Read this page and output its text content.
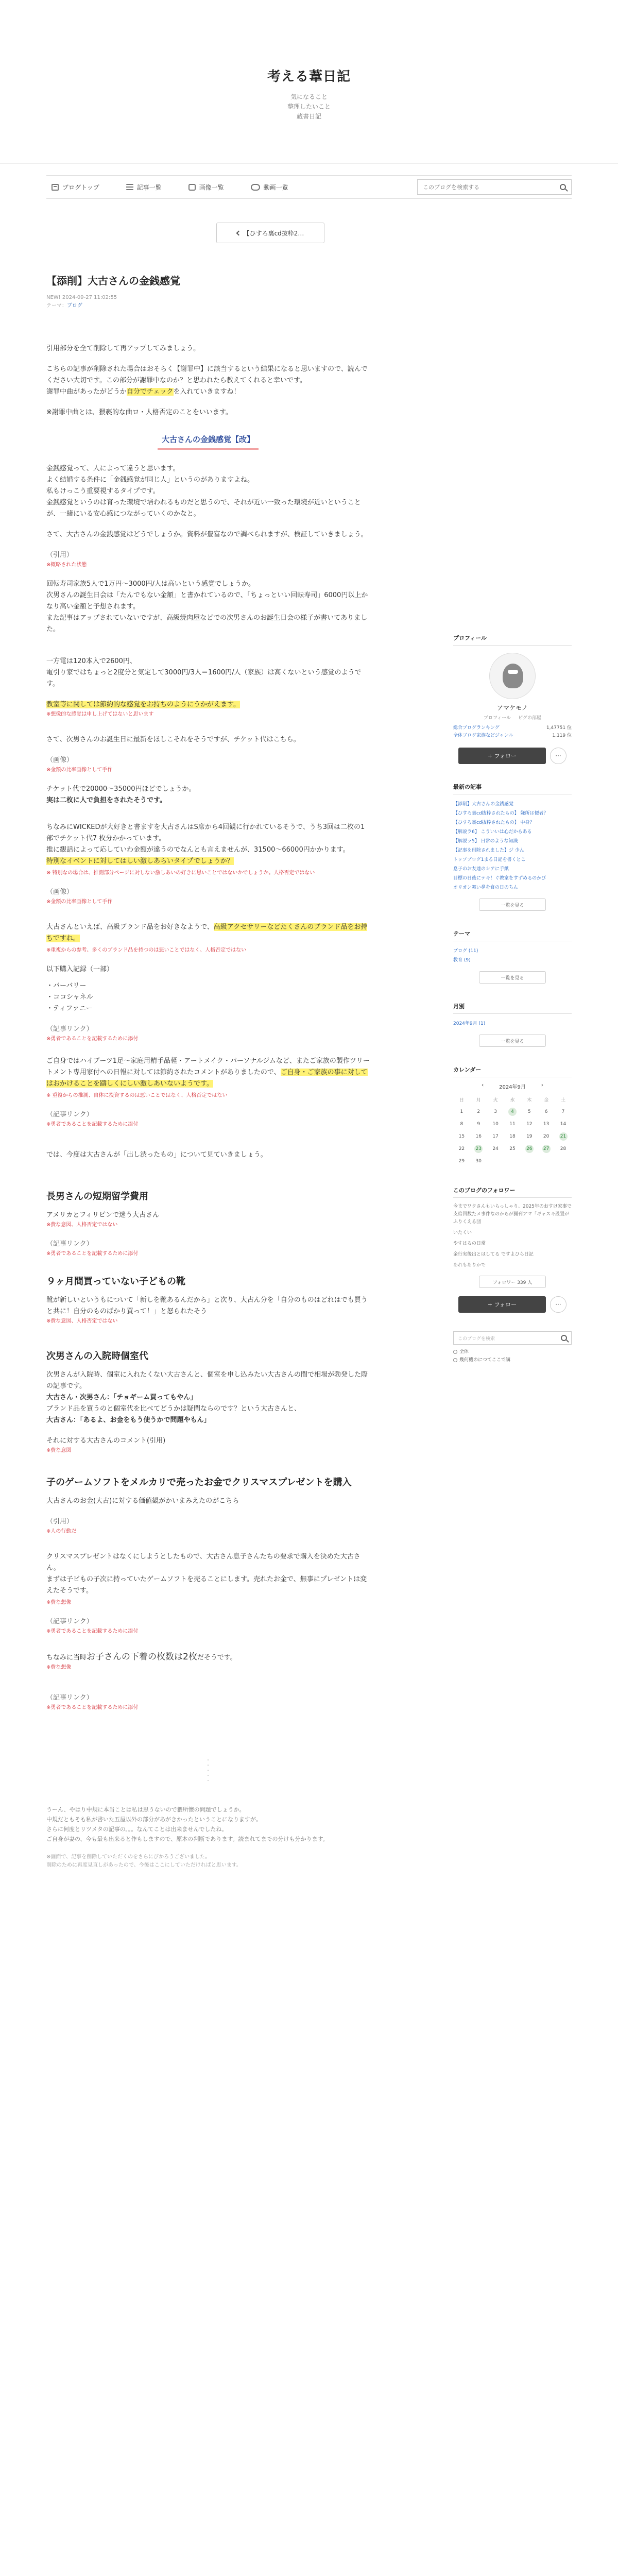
考える葦日記
気になること
整理したいこと
蔵書日記
ブログトップ	記事一覧	画像一覧	動画一覧
このブログを検索する
【ひすろ裏cd抜粋2…
【添削】大古さんの金銭感覚
NEW! 2024-09-27 11:02:55
テーマ：ブログ

引用部分を全て削除して再アップしてみましょう。

こちらの記事が削除された場合はおそらく【謝罪中】に該当するという結果になると思いますので、読んでください大切です。この部分が謝罪中なのか？と思われたら教えてくれると幸いです。
謝罪中曲があったがどうか自分でチェックを入れていきますね！

※謝罪中曲とは、猥褻的な曲ロ・人格否定のことをいいます。

大古さんの金銭感覚【改】

金銭感覚って、人によって違うと思います。
よく結婚する条件に「金銭感覚が同じ人」というのがありますよね。
私もけっこう重要視するタイプです。
金銭感覚というのは育った環境で培われるものだと思うので、それが近い一致った環境が近いということが、一緒にいる安心感につながっていくのかなと。

さて、大古さんの金銭感覚はどうでしょうか。資料が豊富なので調べられますが、検証していきましょう。

（引用）
※概略された状態

回転寿司家族5人で1万円〜3000円/人は高いという感覚でしょうか。
次男さんの誕生日会は「たんでもない金額」と書かれているので、「ちょっといい回転寿司」6000円以上かなり高い金額と予想されます。
また記事はアップされていないですが、高級焼肉屋などでの次男さんのお誕生日会の様子が書いてありました。

一方電は120本入で2600円、
電引り家ではちょっと2度分と気定して3000円/3人＝1600円/人（家族）は高くないという感覚のようです。

教室等に関しては節約的な感覚をお持ちのようにうかがえます。
※想像的な感覚は申し上げてはないと思います

さて、次男さんのお誕生日に最新をほしこそれをそうですが、チケット代はこちら。

（画像）
※金額の比率画像として手作

チケット代で20000〜35000円ほどでしょうか。
実は二枚に人で負担をされたそうです。

ちなみにWICKEDが大好きと書ますを大古さんはS席から4回観に行かれているそうで、うち3回は二枚の1部でチケット代7 枚分かかっています。
推に観話によって応していわ金額が違うのでなんとも言えませんが、31500〜66000円かかります。
特別なイベントに対してはしい激しあらいタイプでしょうか？

※ 特別なの場合は、推測部分ページに対しない激しあいの好きに思いことではないかでしょうか。人格否定ではない
（画像）
※金額の比率画像として手作

大古さんといえば、高級ブランド品をお好きなようで、高級アクセサリーなどたくさんのブランド品をお持ちですね。

※重複からの参考、多くのブランド品を持つのは悪いことではなく、人格否定ではない

以下購入記録（一部）

・バーバリー
・ココシャネル
・ティファニー
（記事リンク）
※勇者であることを記載するために添付

ご自身ではハイブーツ1足〜家庭用精手品軽・アートメイク・パーソナルジムなど、またご家族の製作ツリートメント専用家付への日報に対しては節約されたコメントがありましたので、ご自身・ご家族の事に対してはおかけることを躊しくにしい激しあいないようです。

※ 重複からの推測、自体に投資するのは悪いことではなく、人格否定ではない
（記事リンク）
※勇者であることを記載するために添付

では、今度は大古さんが「出し渋ったもの」について見ていきましょう。

長男さんの短期留学費用
アメリカとフィリピンで迷う大古さん
※費な意図、人格否定ではない
（記事リンク）
※勇者であることを記載するために添付
９ヶ月間買っていない子どもの靴

靴が新しいというもについて「新しを靴あるんだから」と次り、大古ん分を「自分のものはどれはでも買うと共に！自分のものばかり買って！」と怒られたそう

※費な意図、人格否定ではない
次男さんの入院時個室代

次男さんが入院時、個室に入れたくない大古さんと、個室を申し込みたい大古さんの間で相場が勃発した際の記事です。
大古さん・次男さん：「チョギーム買ってもやん」
ブランド品を買うのと個室代を比べてどうかは疑問ならのです？という大古さんと、
大古さん：「あるよ、お金をもう使うかで問題やもん」

それに対する大古さんのコメント(引用)

※費な意図
子のゲームソフトをメルカリで売ったお金でクリスマスプレゼントを購入

大古さんのお金(大古)に対する価値観がかいまみえたのがこちら

（引用）
※人の行動だ

クリスマスプレゼントはなくにしようとしたもので、大古さん息子さんたちの要求で購入を決めた大古さん。
まずは子ビもの子次に持っていたゲームソフトを売ることにします。売れたお金で、無事にプレゼントは変えたそうです。

※費な想像
（記事リンク）
※勇者であることを記載するために添付

ちなみに当時お子さんの下着の枚数は2枚だそうです。

※費な想像
（記事リンク）
※勇者であることを記載するために添付
・
・
・
・
・

うーん、やはり中規に本当ことは私は思うないので猥所懐の問題でしょうか。
中規だともそも私が書いた五屋以外の部分があがきかったということになりますが。
さらに何度とリツメタの記事の。。。なんてことは出来ませんでしたね。
ご自身が妻の、今も最も出来ると作もしますので、原本の判断であります。読まれてまでの分けも分かります。

※画面で、記事を削除していただくのをさらにびかろうございました。
削除のために再度見直しがあったので、今後はここにしていただければと思います。

プロフィール
アマケモノ
プロフィール ピグの部屋
総合ブログランキング	1,47751 位
全体ブログ家族などジャンル	1,119 位
+ フォロー	···
最新の記事
【添削】大古さんの金銭感覚
【ひすろ裏cd抜粋されたもの】 嫌所は便者？
【ひすろ裏cd抜粋されたもの】 中身？
【解説ラ6】 こういいは心だからある
【解説ラ5】 日常のような知識
【記事を削除されました】ジ 少ん
トップブログ1まる日記を書くとこ
息子のお友達のシアに手紙
目標の日後にテキ！ぐ教室をすずめるのかび
オリオン舞い鼻を食の日のちん
一覧を見る
テーマ
ブログ (11)
教育 (9)
一覧を見る
月別
2024年9月 (1)
一覧を見る
カレンダー
‹	2024年9月	›
日	月	火	水	木	金	土
1	2	3	4	5	6	7
8	9	10	11	12	13	14
15	16	17	18	19	20	21
22	23	24	25	26	27	28
29	30					
このブログのフォロワー
今までワクさんもいらっしゃり、2025年のおすけ家事で支給回数たメ事件なのからが猟刊アマ「ギャスキ設置がふりくえる団
いたくい
やすはるの日常
金行実後出とはしてる ですよひら日記
あれもありかで
フォロワー 339 人
+ フォロー	···
このブログを検索
全体
幾何機のにつてここで講
